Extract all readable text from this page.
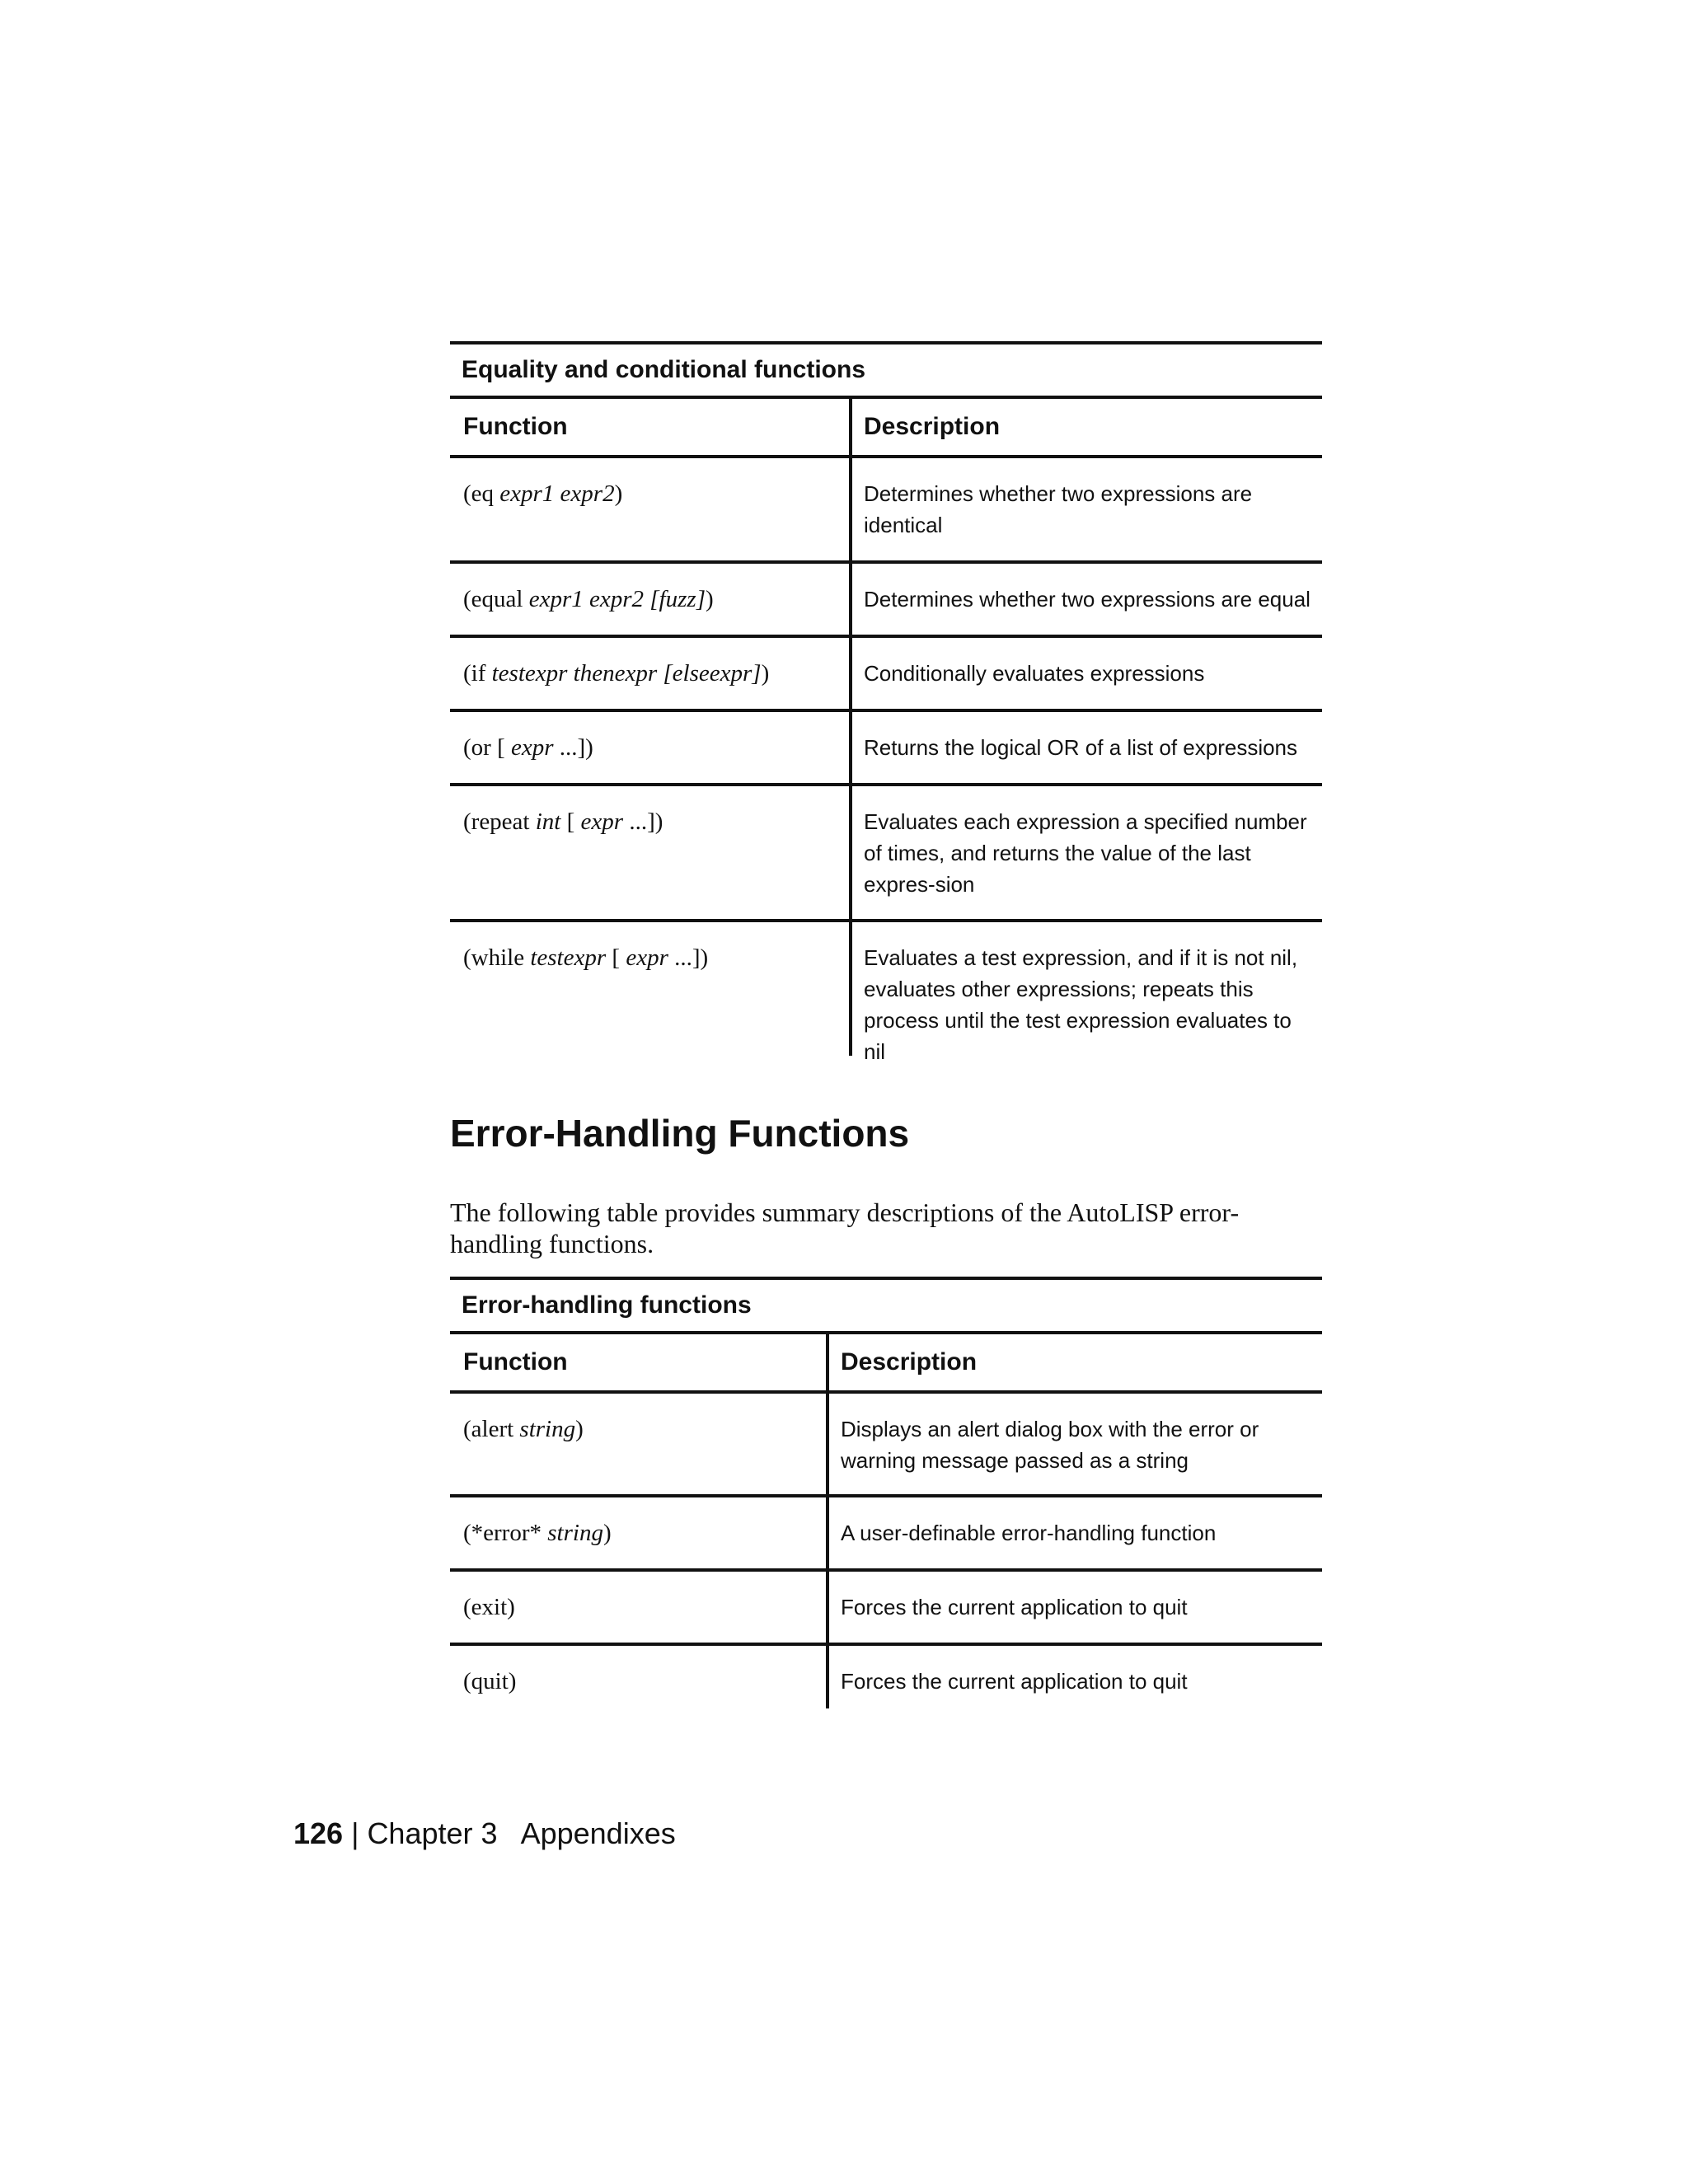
Equality and conditional functions
Function	Description
(eq expr1 expr2)	Determines whether two expressions are identical
(equal expr1 expr2 [fuzz])	Determines whether two expressions are equal
(if testexpr thenexpr [elseexpr])	Conditionally evaluates expressions
(or [ expr ...])	Returns the logical OR of a list of expressions
(repeat int [ expr ...])	Evaluates each expression a specified number of times, and returns the value of the last expres-sion
(while testexpr [ expr ...])	Evaluates a test expression, and if it is not nil, evaluates other expressions; repeats this process until the test expression evaluates to nil
Error-Handling Functions

The following table provides summary descriptions of the AutoLISP error-handling functions.

Error-handling functions
Function	Description
(alert string)	Displays an alert dialog box with the error or warning message passed as a string
(*error* string)	A user-definable error-handling function
(exit)	Forces the current application to quit
(quit)	Forces the current application to quit
126 | Chapter 3 Appendixes
